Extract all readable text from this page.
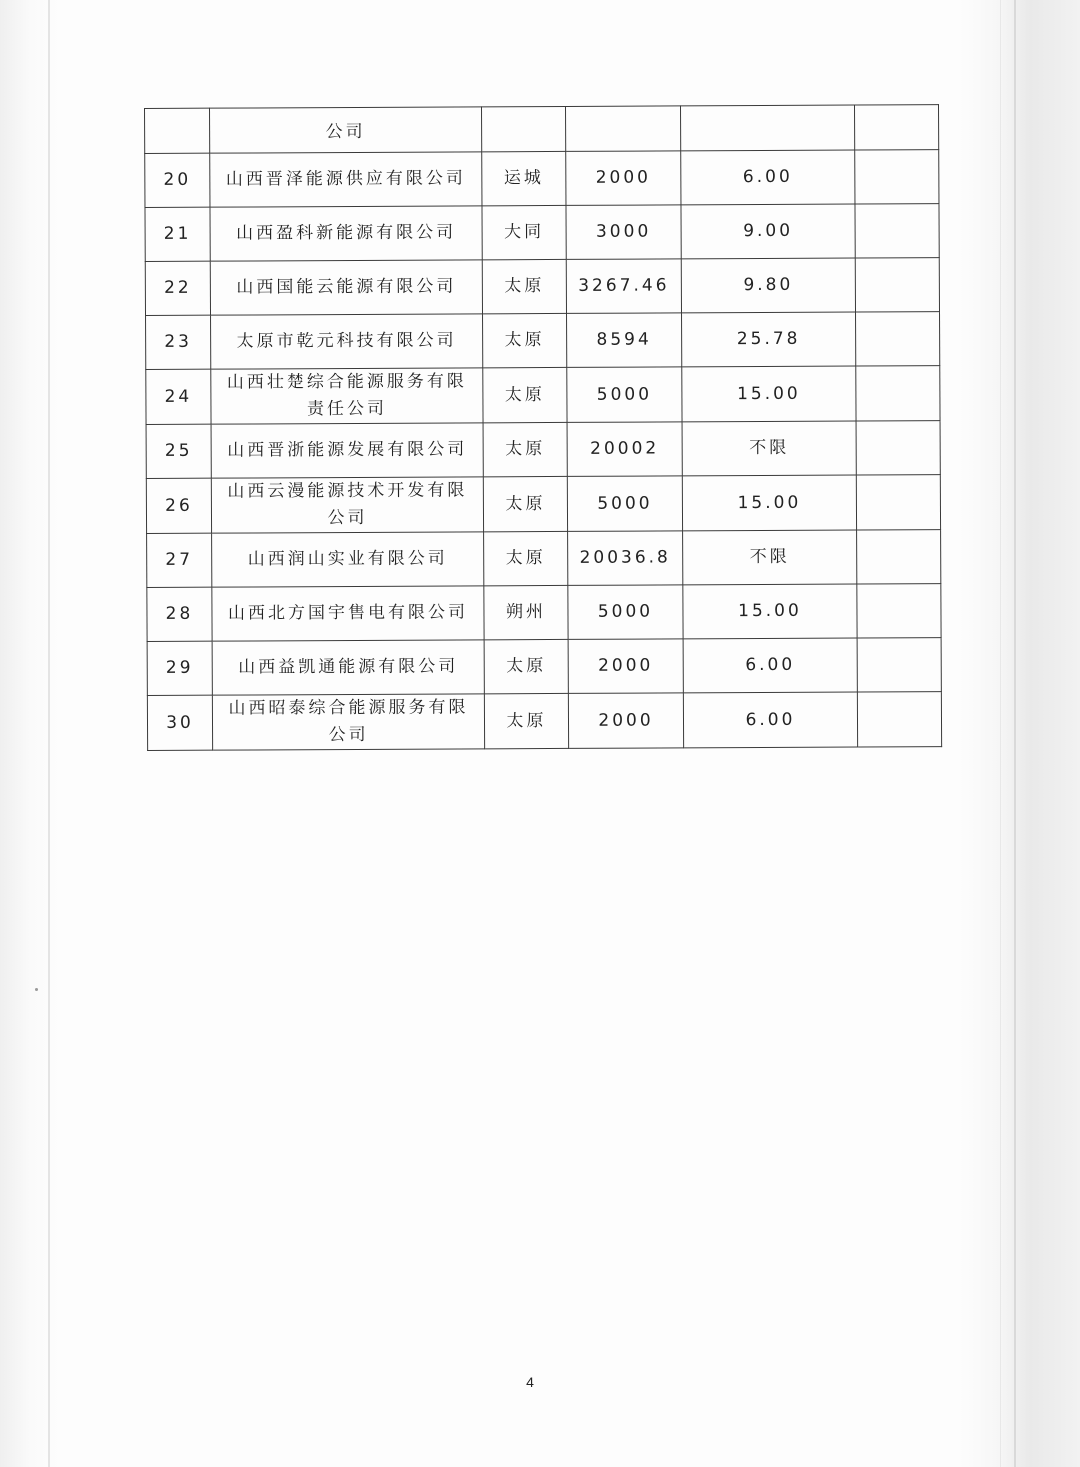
	公司				
20	山西晋泽能源供应有限公司	运城	2000	6.00	
21	山西盈科新能源有限公司	大同	3000	9.00	
22	山西国能云能源有限公司	太原	3267.46	9.80	
23	太原市乾元科技有限公司	太原	8594	25.78	
24	山西壮楚综合能源服务有限责任公司	太原	5000	15.00	
25	山西晋浙能源发展有限公司	太原	20002	不限	
26	山西云漫能源技术开发有限公司	太原	5000	15.00	
27	山西润山实业有限公司	太原	20036.8	不限	
28	山西北方国宇售电有限公司	朔州	5000	15.00	
29	山西益凯通能源有限公司	太原	2000	6.00	
30	山西昭泰综合能源服务有限公司	太原	2000	6.00	
4
